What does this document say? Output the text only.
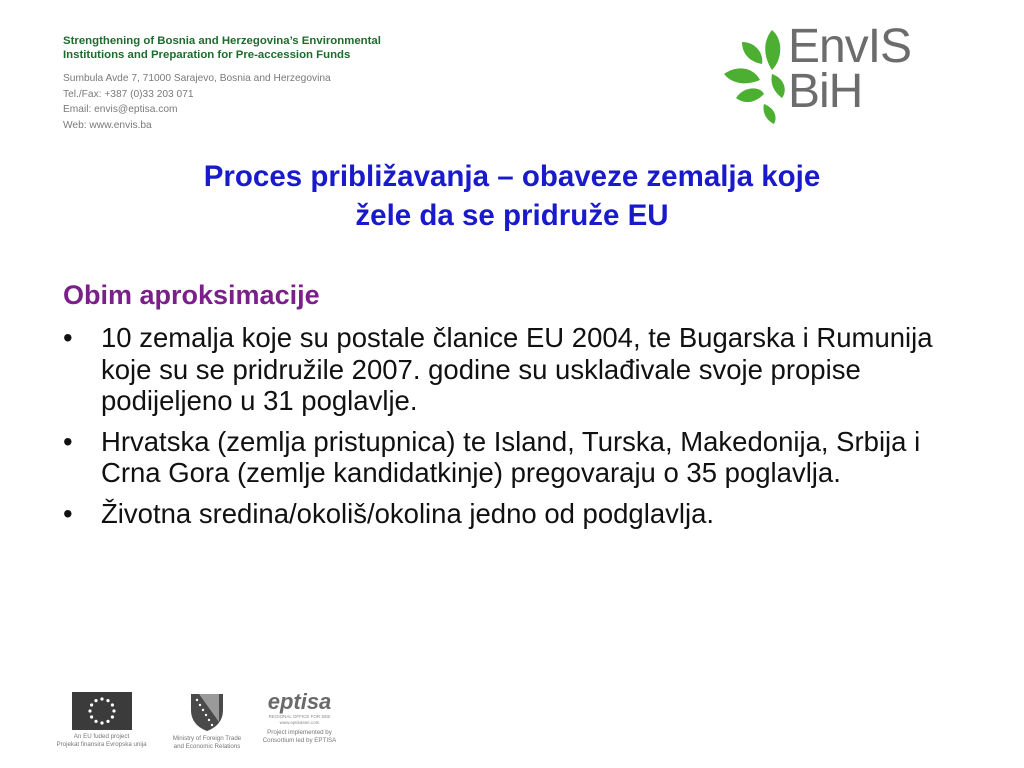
Strengthening of Bosnia and Herzegovina’s Environmental
Institutions and Preparation for Pre-accession Funds
Sumbula Avde 7, 71000 Sarajevo, Bosnia and Herzegovina
Tel./Fax: +387 (0)33 203 071
Email: envis@eptisa.com
Web: www.envis.ba
EnvIS
BiH
Proces približavanja – obaveze zemalja koje
žele da se pridruže EU
Obim aproksimacije
• 10 zemalja koje su postale članice EU 2004, te Bugarska i Rumunija koje su se pridružile 2007. godine su usklađivale svoje propise podijeljeno u 31 poglavlje.
• Hrvatska (zemlja pristupnica) te Island, Turska, Makedonija, Srbija i Crna Gora (zemlje kandidatkinje) pregovaraju o 35 poglavlja.
• Životna sredina/okoliš/okolina jedno od podglavlja.
An EU fuded project
Projekat finansira Evropska unija
Ministry of Foreign Trade
and Economic Relations
eptisa
REGIONAL OFFICE FOR SEE
www.eptisasee.com
Project implemented by
Consortium led by EPTISA
